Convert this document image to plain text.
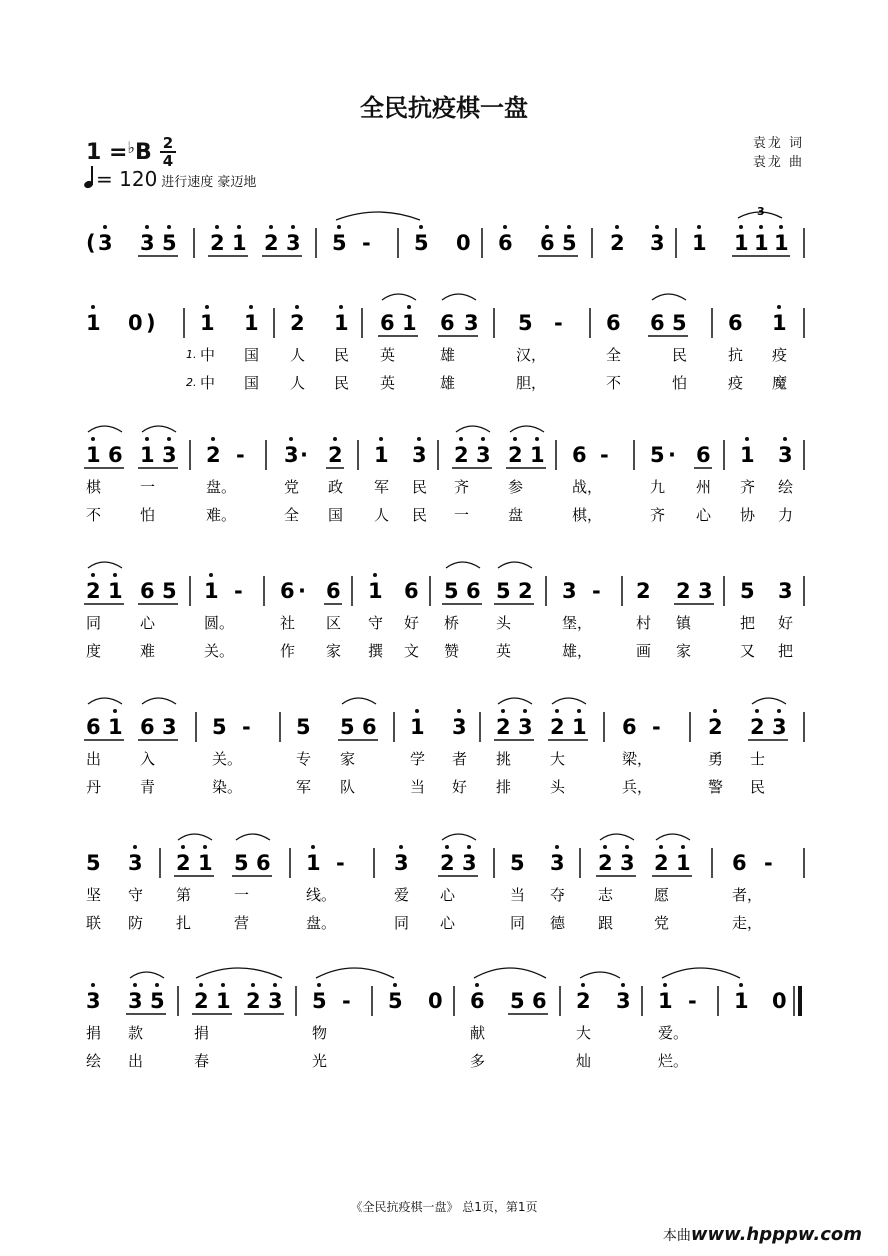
全民抗疫棋一盘
1 =♭B 2
4
= 120 进行速度 豪迈地
袁龙 词
袁龙 曲
( 3 3 5 2 1 2 3 5 - 5 0 6 6 5 2 3 1 1 1 1
3
1 0 ) 1 1 2 1 6 1 6 3 5 - 6 6 5 6 1
1 6 1 3 2 - 3 · 2 1 3 2 3 2 1 6 - 5 · 6 1 3
2 1 6 5 1 - 6 · 6 1 6 5 6 5 2 3 - 2 2 3 5 3
6 1 6 3 5 - 5 5 6 1 3 2 3 2 1 6 - 2 2 3
5 3 2 1 5 6 1 - 3 2 3 5 3 2 3 2 1 6 -
3 3 5 2 1 2 3 5 - 5 0 6 5 6 2 3 1 - 1 0
1.
2.
中 国 人 民 英	雄	汉，	全	民	抗 疫
中 国 人 民 英	雄	胆，	不	怕	疫 魔
棋	一	盘。	党 政 军 民 齐	参	战，	九 州 齐 绘
不	怕	难。	全 国 人 民 一	盘	棋，	齐 心 协 力
同	心	圆。	社 区 守 好 桥 头	堡，	村 镇	把 好
度	难	关。	作 家 撰 文 赞 英	雄，	画 家	又 把
出	入	关。	专 家	学 者 挑	大	梁，	勇 士
丹	青	染。	军 队	当 好 排	头	兵，	警 民
坚 守 第	一	线。	爱 心	当 夺 志	愿	者，
联 防 扎	营	盘。	同 心	同 德 跟	党	走，
捐 款	捐	物	献	大	爱。
绘 出	春	光	多	灿	烂。
《全民抗疫棋一盘》 总1页，第1页
本曲www.hpppw.com
